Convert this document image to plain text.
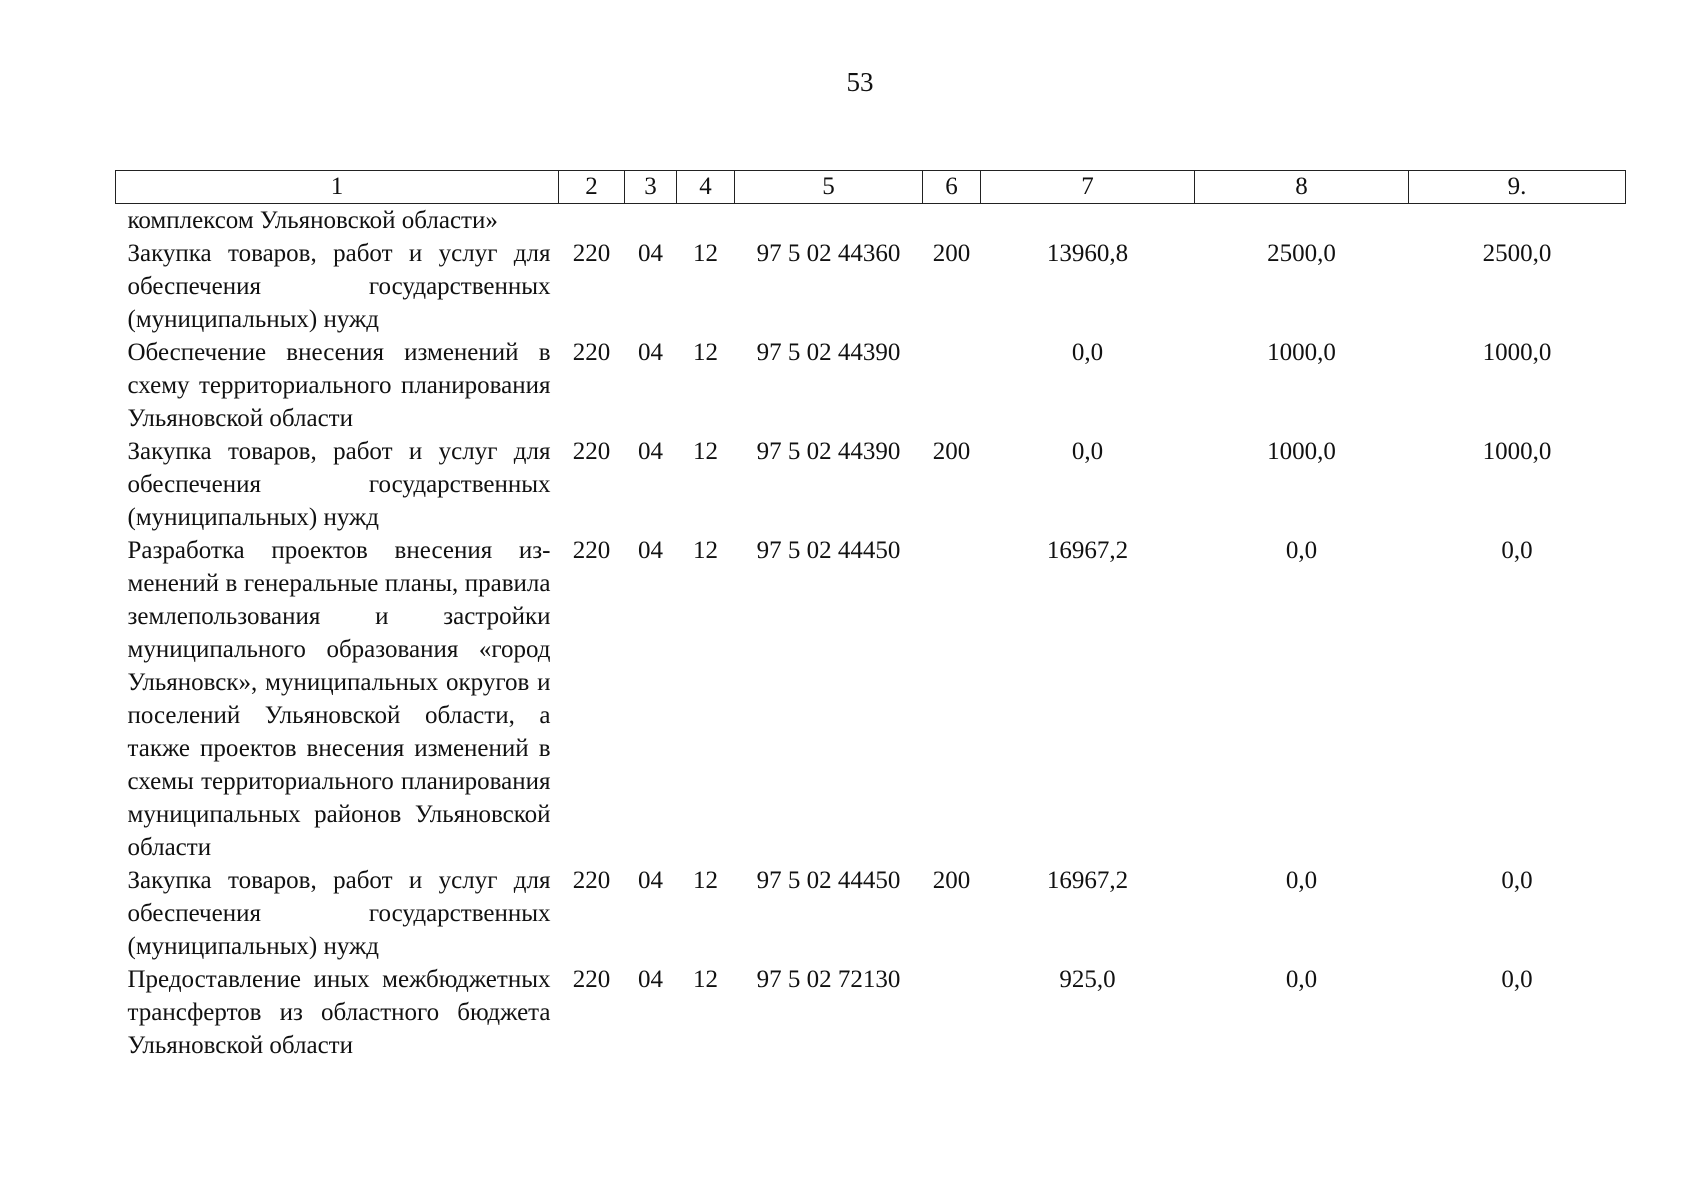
53
1	2	3	4	5	6	7	8	9.
комплексом Ульяновской области»								
Закупка товаров, работ и услуг для обеспечения государственных (муниципальных) нужд	220	04	12	97 5 02 44360	200	13960,8	2500,0	2500,0
Обеспечение внесения изменений в схему территориального планирования Ульяновской области	220	04	12	97 5 02 44390		0,0	1000,0	1000,0
Закупка товаров, работ и услуг для обеспечения государственных (муниципальных) нужд	220	04	12	97 5 02 44390	200	0,0	1000,0	1000,0
Разработка проектов внесения изменений в генеральные планы, правила землепользования и застройки муниципального образования «город Ульяновск», муниципальных округов и поселений Ульяновской области, а также проектов внесения изменений в схемы территориального планирования муниципальных районов Ульяновской области	220	04	12	97 5 02 44450		16967,2	0,0	0,0
Закупка товаров, работ и услуг для обеспечения государственных (муниципальных) нужд	220	04	12	97 5 02 44450	200	16967,2	0,0	0,0
Предоставление иных межбюджетных трансфертов из областного бюджета Ульяновской области	220	04	12	97 5 02 72130		925,0	0,0	0,0
